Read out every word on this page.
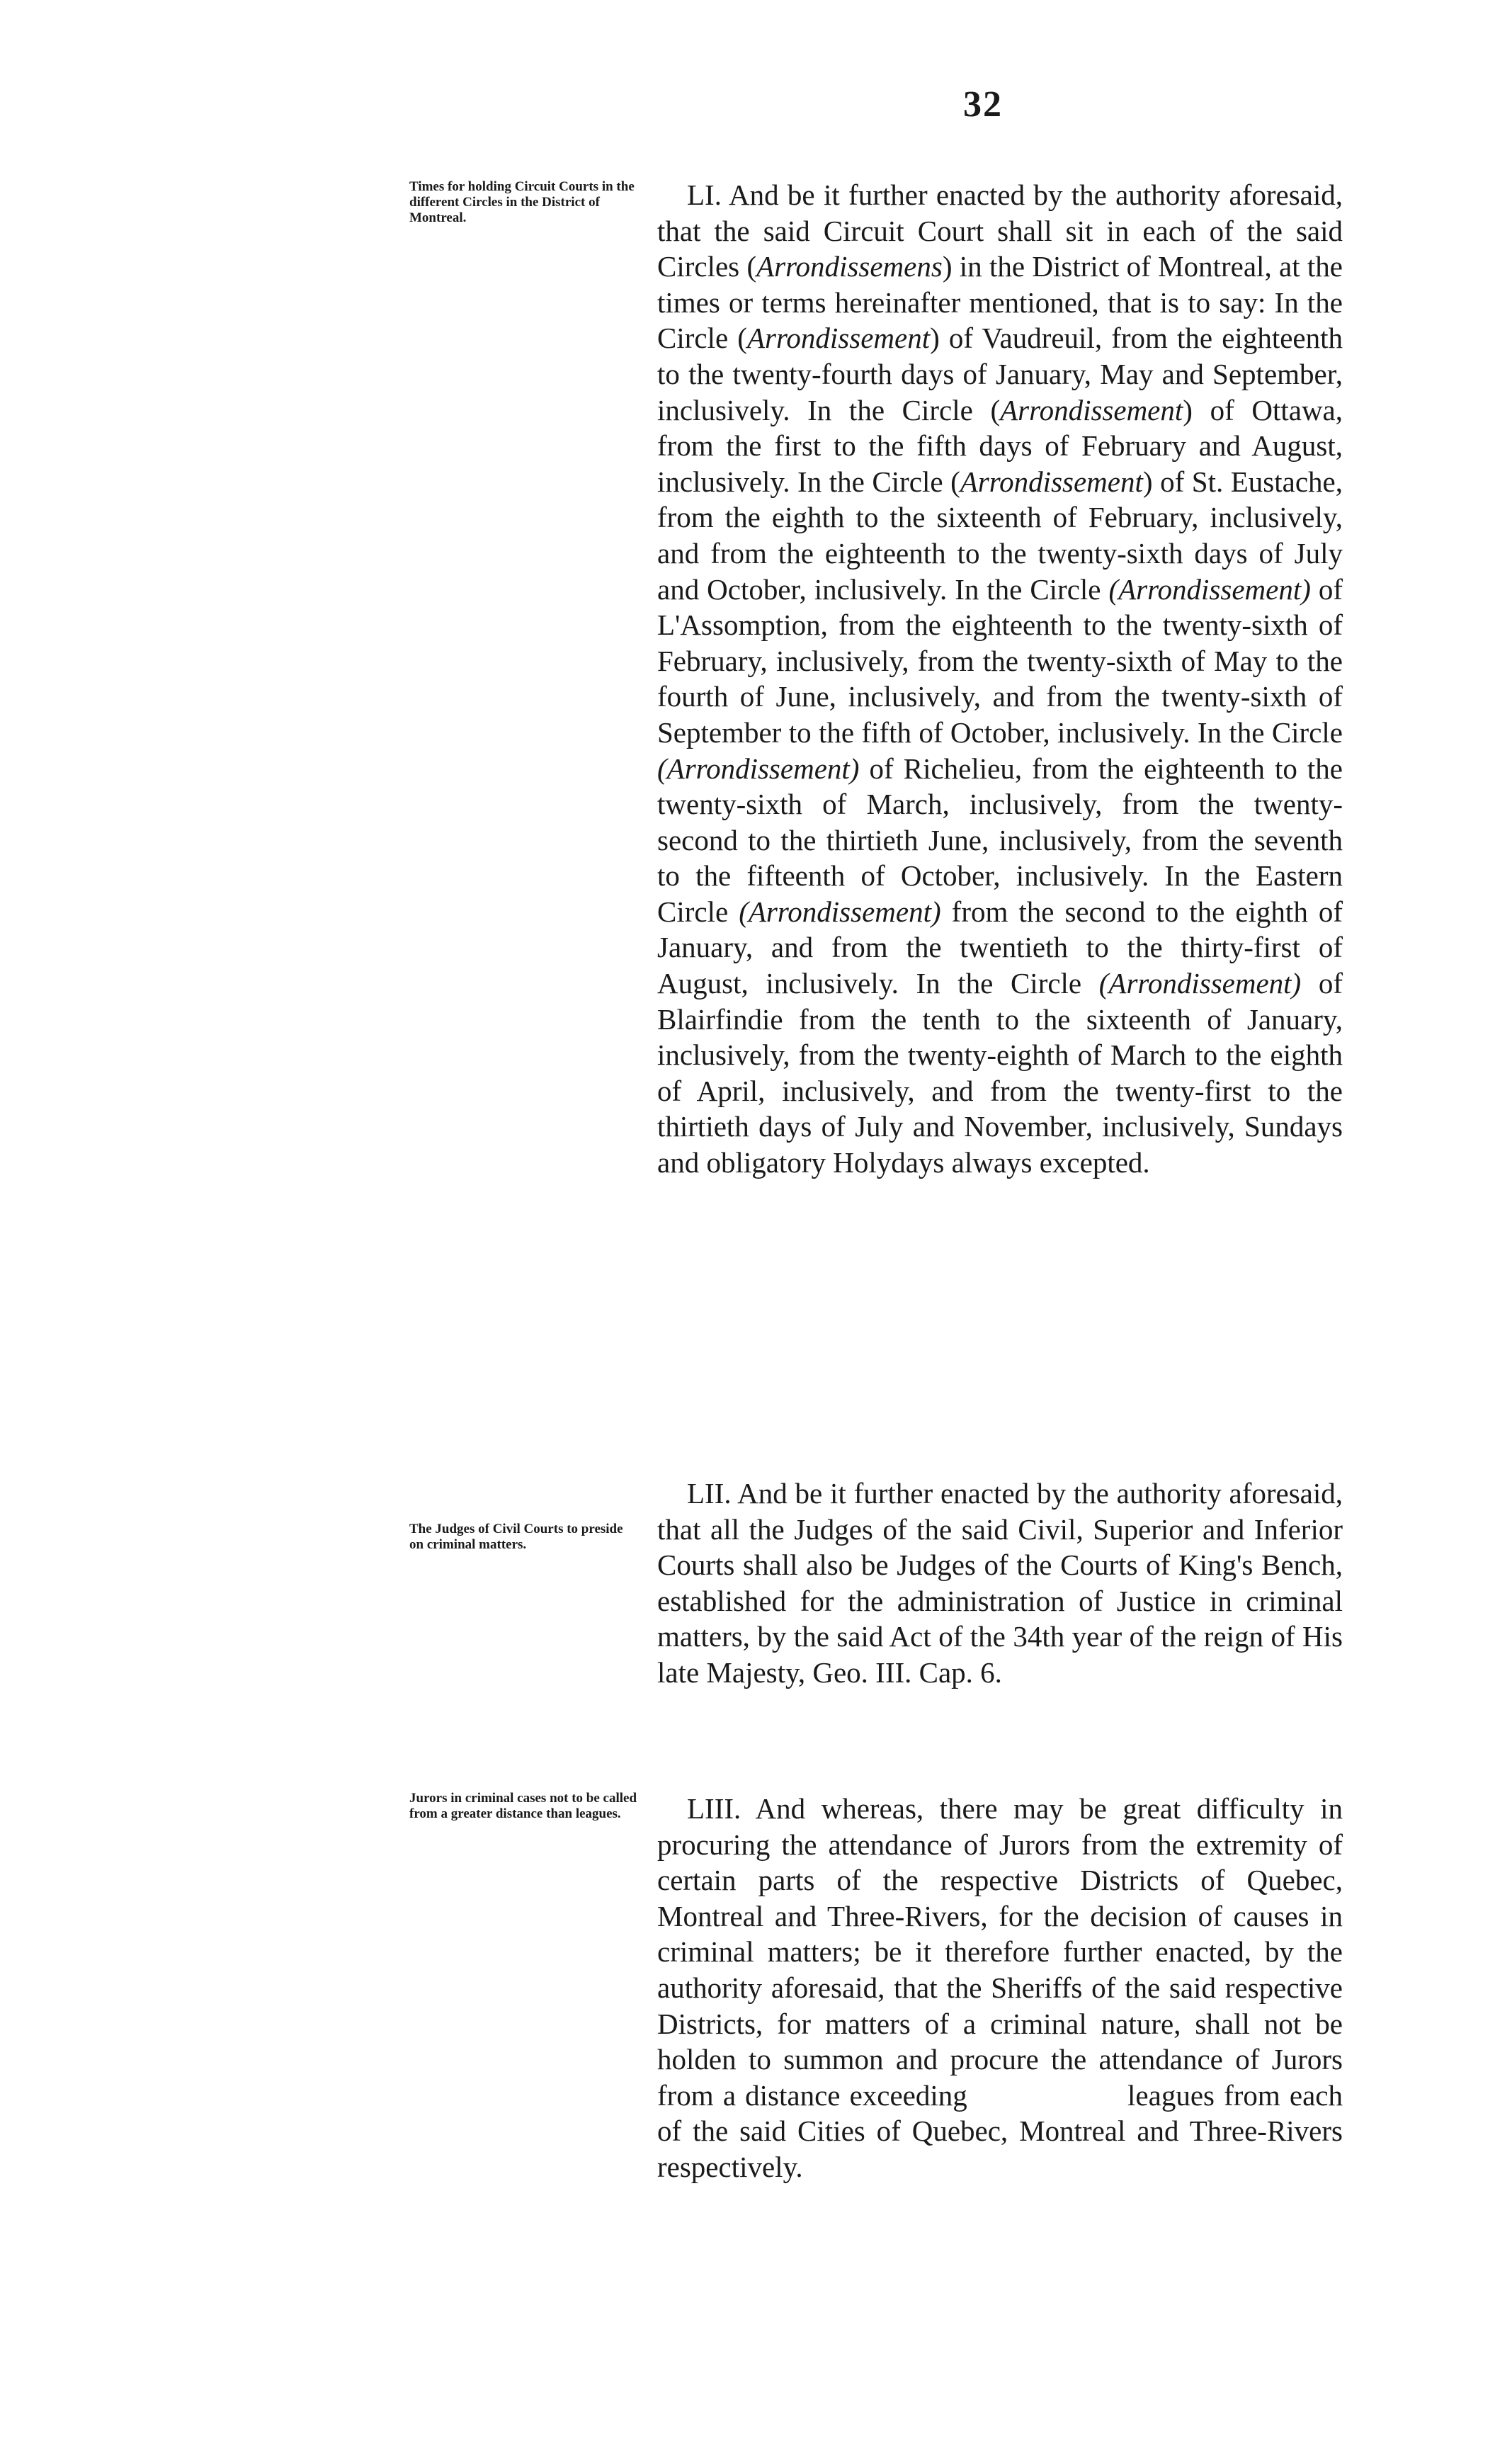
32
Times for holding Circuit Courts in the different Circles in the District of Montreal.

LI. And be it further enacted by the authority aforesaid, that the said Circuit Court shall sit in each of the said Circles (Arrondissemens) in the District of Montreal, at the times or terms hereinafter mentioned, that is to say: In the Circle (Arrondissement) of Vaudreuil, from the eighteenth to the twenty-fourth days of January, May and September, inclusively. In the Circle (Arrondissement) of Ottawa, from the first to the fifth days of February and August, inclusively. In the Circle (Arrondissement) of St. Eustache, from the eighth to the sixteenth of February, inclusively, and from the eighteenth to the twenty-sixth days of July and October, inclusively. In the Circle (Arrondissement) of L'Assomption, from the eighteenth to the twenty-sixth of February, inclusively, from the twenty-sixth of May to the fourth of June, inclusively, and from the twenty-sixth of September to the fifth of October, inclusively. In the Circle (Arrondissement) of Richelieu, from the eighteenth to the twenty-sixth of March, inclusively, from the twenty-second to the thirtieth June, inclusively, from the seventh to the fifteenth of October, inclusively. In the Eastern Circle (Arrondissement) from the second to the eighth of January, and from the twentieth to the thirty-first of August, inclusively. In the Circle (Arrondissement) of Blairfindie from the tenth to the sixteenth of January, inclusively, from the twenty-eighth of March to the eighth of April, inclusively, and from the twenty-first to the thirtieth days of July and November, inclusively, Sundays and obligatory Holydays always excepted.

The Judges of Civil Courts to preside on criminal matters.

LII. And be it further enacted by the authority aforesaid, that all the Judges of the said Civil, Superior and Inferior Courts shall also be Judges of the Courts of King's Bench, established for the administration of Justice in criminal matters, by the said Act of the 34th year of the reign of His late Majesty, Geo. III. Cap. 6.

Jurors in criminal cases not to be called from a greater distance than leagues.	LIII. And whereas, there may be great difficulty in procuring the attendance of Jurors from the extremity of certain parts of the respective Districts of Quebec, Montreal and Three-Rivers, for the decision of causes in criminal matters; be it therefore further enacted, by the authority aforesaid, that the Sheriffs of the said respective Districts, for matters of a criminal nature, shall not be holden to summon and procure the attendance of Jurors from a distance exceeding	leagues from each of the said Cities of Quebec, Montreal and Three-Rivers respectively.
